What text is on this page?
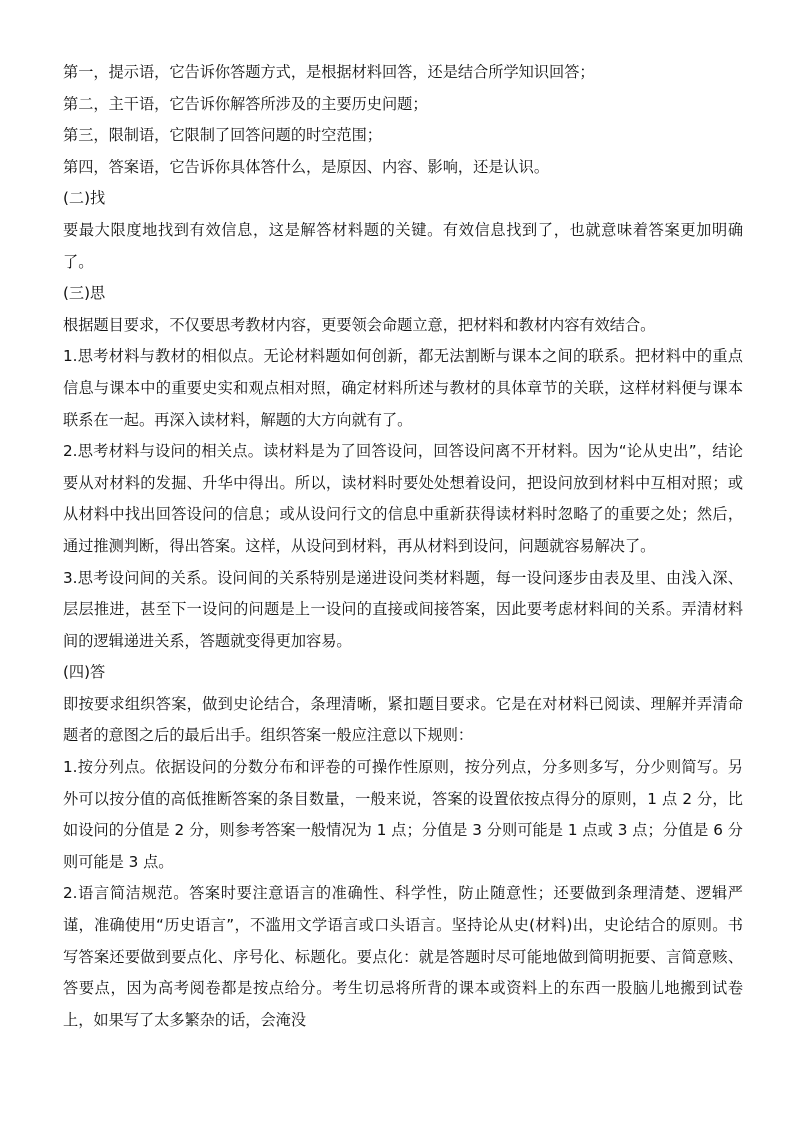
第一，提示语，它告诉你答题方式，是根据材料回答，还是结合所学知识回答；

第二，主干语，它告诉你解答所涉及的主要历史问题；

第三，限制语，它限制了回答问题的时空范围；

第四，答案语，它告诉你具体答什么，是原因、内容、影响，还是认识。

(二)找

要最大限度地找到有效信息，这是解答材料题的关键。有效信息找到了，也就意味着答案更加明确了。

(三)思

根据题目要求，不仅要思考教材内容，更要领会命题立意，把材料和教材内容有效结合。

1.思考材料与教材的相似点。无论材料题如何创新，都无法割断与课本之间的联系。把材料中的重点信息与课本中的重要史实和观点相对照，确定材料所述与教材的具体章节的关联，这样材料便与课本联系在一起。再深入读材料，解题的大方向就有了。

2.思考材料与设问的相关点。读材料是为了回答设问，回答设问离不开材料。因为“论从史出”，结论要从对材料的发掘、升华中得出。所以，读材料时要处处想着设问，把设问放到材料中互相对照；或从材料中找出回答设问的信息；或从设问行文的信息中重新获得读材料时忽略了的重要之处；然后，通过推测判断，得出答案。这样，从设问到材料，再从材料到设问，问题就容易解决了。

3.思考设问间的关系。设问间的关系特别是递进设问类材料题，每一设问逐步由表及里、由浅入深、层层推进，甚至下一设问的问题是上一设问的直接或间接答案，因此要考虑材料间的关系。弄清材料间的逻辑递进关系，答题就变得更加容易。

(四)答

即按要求组织答案，做到史论结合，条理清晰，紧扣题目要求。它是在对材料已阅读、理解并弄清命题者的意图之后的最后出手。组织答案一般应注意以下规则：

1.按分列点。依据设问的分数分布和评卷的可操作性原则，按分列点，分多则多写，分少则简写。另外可以按分值的高低推断答案的条目数量，一般来说，答案的设置依按点得分的原则，1 点 2 分，比如设问的分值是 2 分，则参考答案一般情况为 1 点；分值是 3 分则可能是 1 点或 3 点；分值是 6 分则可能是 3 点。

2.语言简洁规范。答案时要注意语言的准确性、科学性，防止随意性；还要做到条理清楚、逻辑严谨，准确使用“历史语言”，不滥用文学语言或口头语言。坚持论从史(材料)出，史论结合的原则。书写答案还要做到要点化、序号化、标题化。要点化：就是答题时尽可能地做到简明扼要、言简意赅、答要点，因为高考阅卷都是按点给分。考生切忌将所背的课本或资料上的东西一股脑儿地搬到试卷上，如果写了太多繁杂的话，会淹没
